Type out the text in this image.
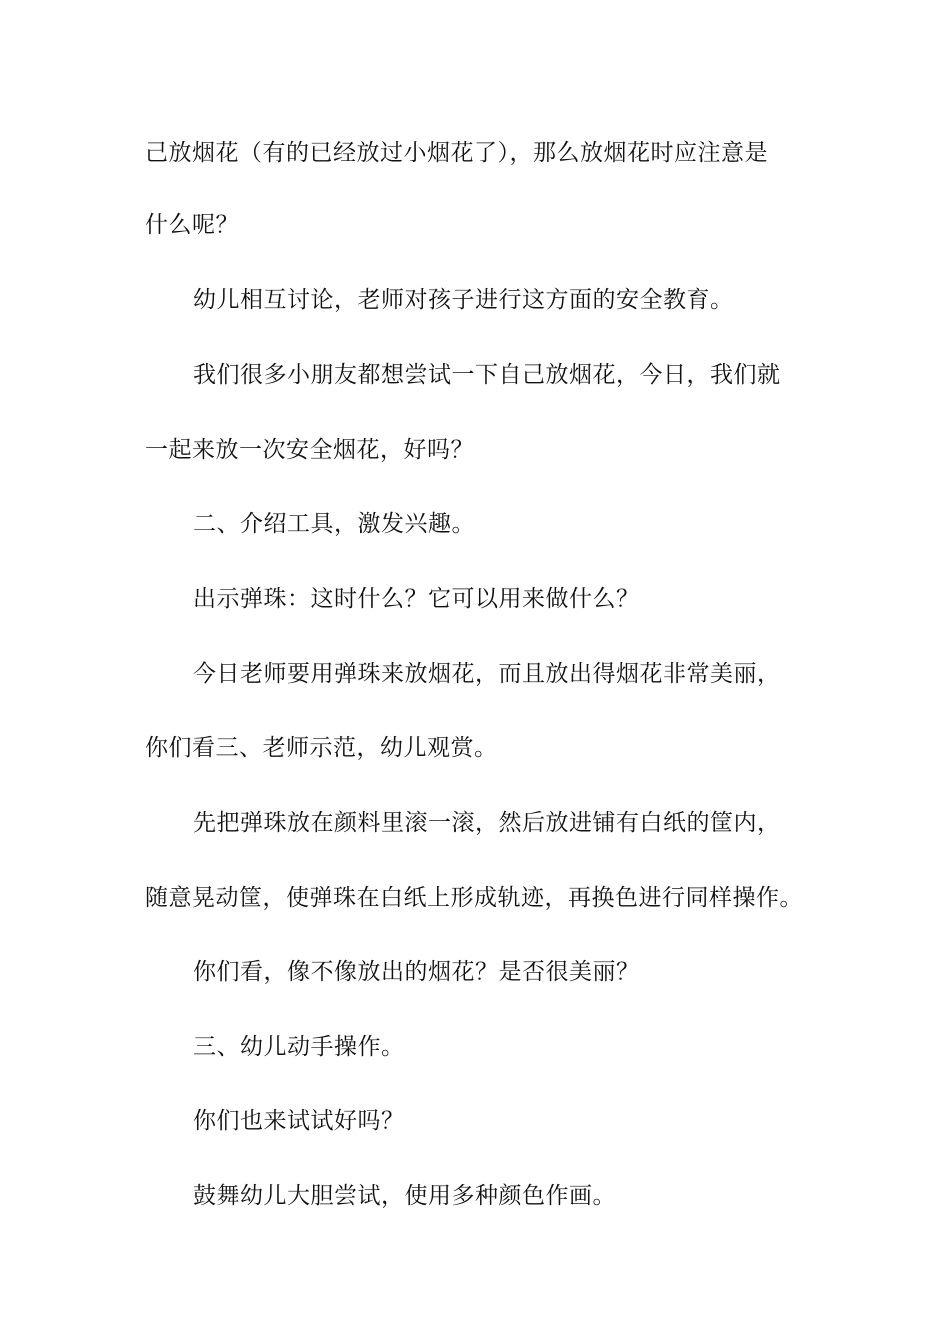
己放烟花（有的已经放过小烟花了），那么放烟花时应注意是
什么呢？
幼儿相互讨论，老师对孩子进行这方面的安全教育。
我们很多小朋友都想尝试一下自己放烟花，今日，我们就
一起来放一次安全烟花，好吗？
二、介绍工具，激发兴趣。
出示弹珠：这时什么？它可以用来做什么？
今日老师要用弹珠来放烟花，而且放出得烟花非常美丽，
你们看三、老师示范，幼儿观赏。
先把弹珠放在颜料里滚一滚，然后放进铺有白纸的筐内，
随意晃动筐，使弹珠在白纸上形成轨迹，再换色进行同样操作。
你们看，像不像放出的烟花？是否很美丽？
三、幼儿动手操作。
你们也来试试好吗？
鼓舞幼儿大胆尝试，使用多种颜色作画。
